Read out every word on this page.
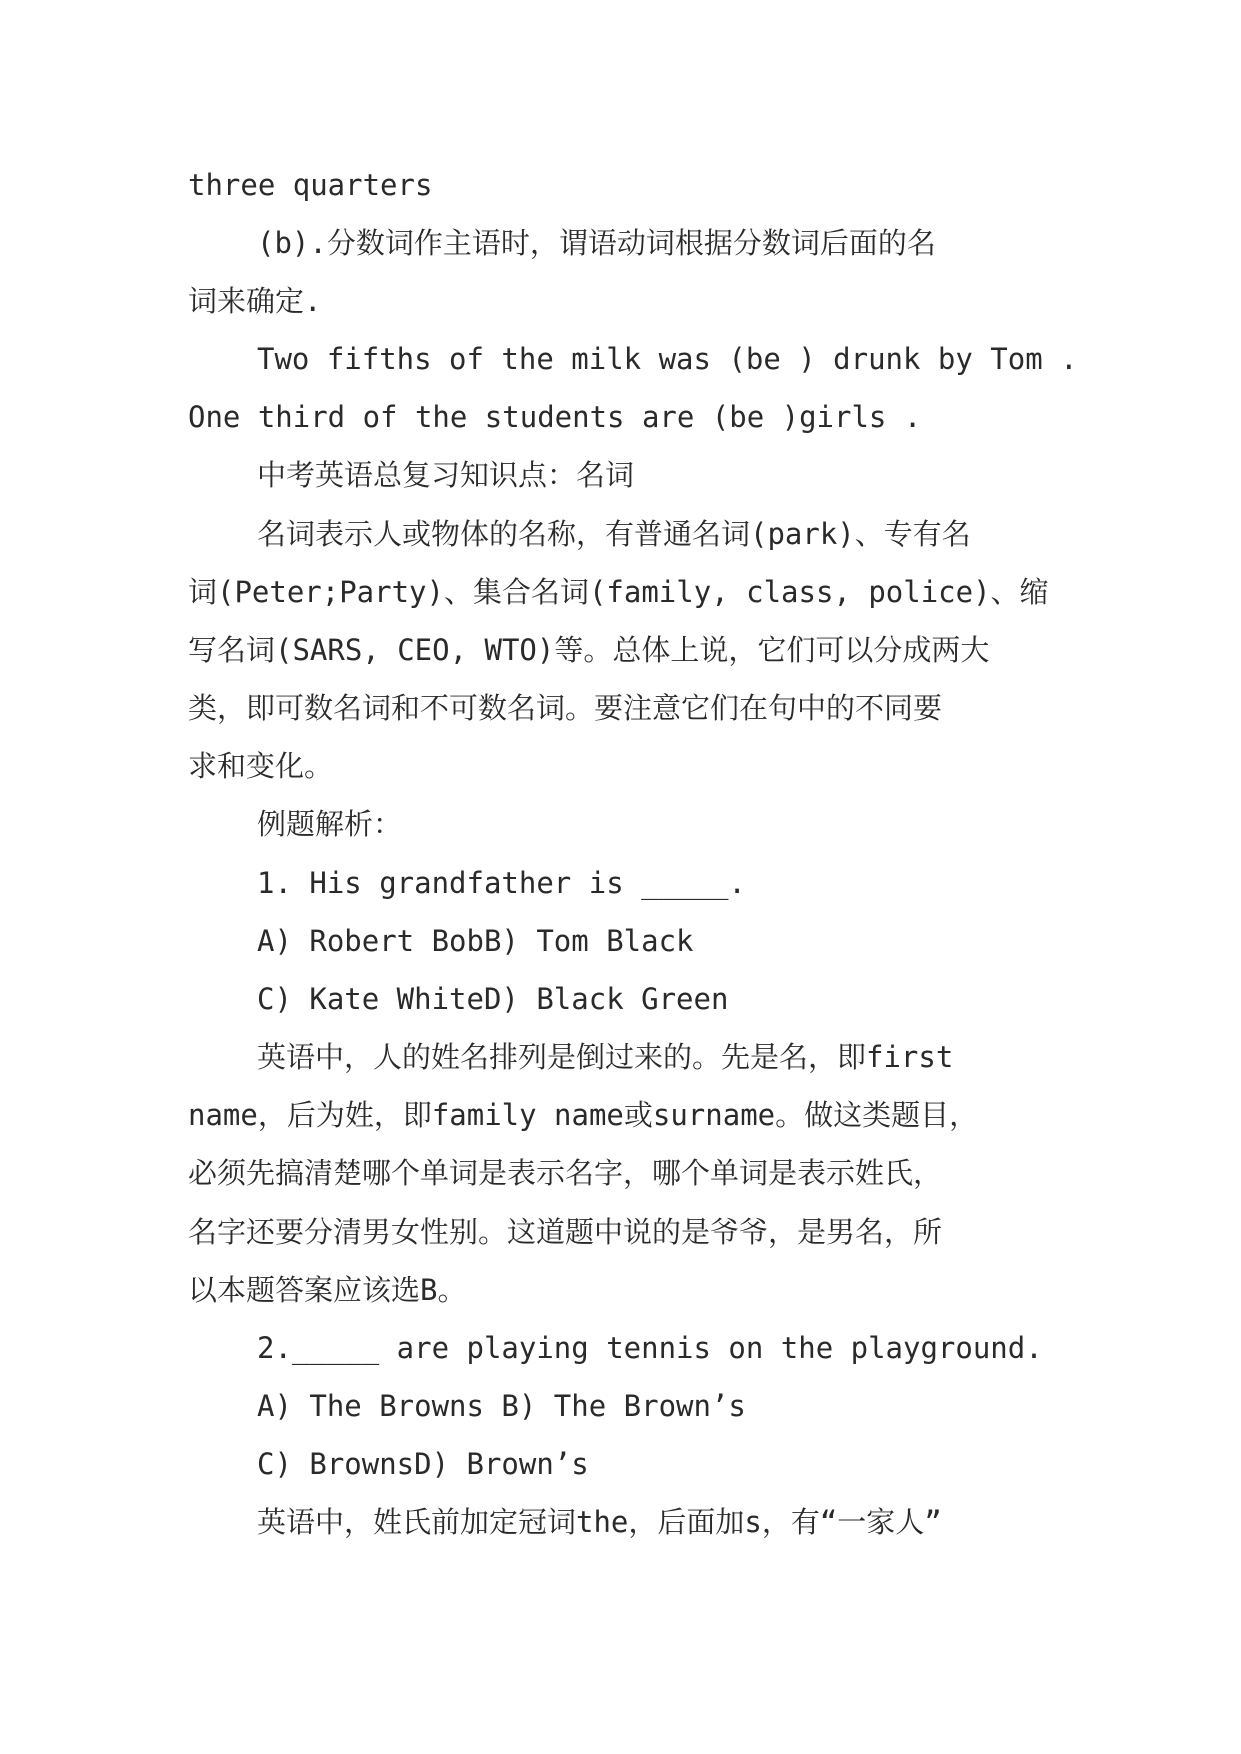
three quarters
(b).分数词作主语时，谓语动词根据分数词后面的名
词来确定.
Two fifths of the milk was (be ) drunk by Tom .
One third of the students are (be )girls .
中考英语总复习知识点：名词
名词表示人或物体的名称，有普通名词(park)、专有名
词(Peter;Party)、集合名词(family, class, police)、缩
写名词(SARS, CEO, WTO)等。总体上说，它们可以分成两大
类，即可数名词和不可数名词。要注意它们在句中的不同要
求和变化。
例题解析：
1. His grandfather is _____.
A) Robert BobB) Tom Black
C) Kate WhiteD) Black Green
英语中，人的姓名排列是倒过来的。先是名，即first
name，后为姓，即family name或surname。做这类题目，
必须先搞清楚哪个单词是表示名字，哪个单词是表示姓氏，
名字还要分清男女性别。这道题中说的是爷爷，是男名，所
以本题答案应该选B。
2._____ are playing tennis on the playground.
A) The Browns B) The Brown’s
C) BrownsD) Brown’s
英语中，姓氏前加定冠词the，后面加s，有“一家人”
